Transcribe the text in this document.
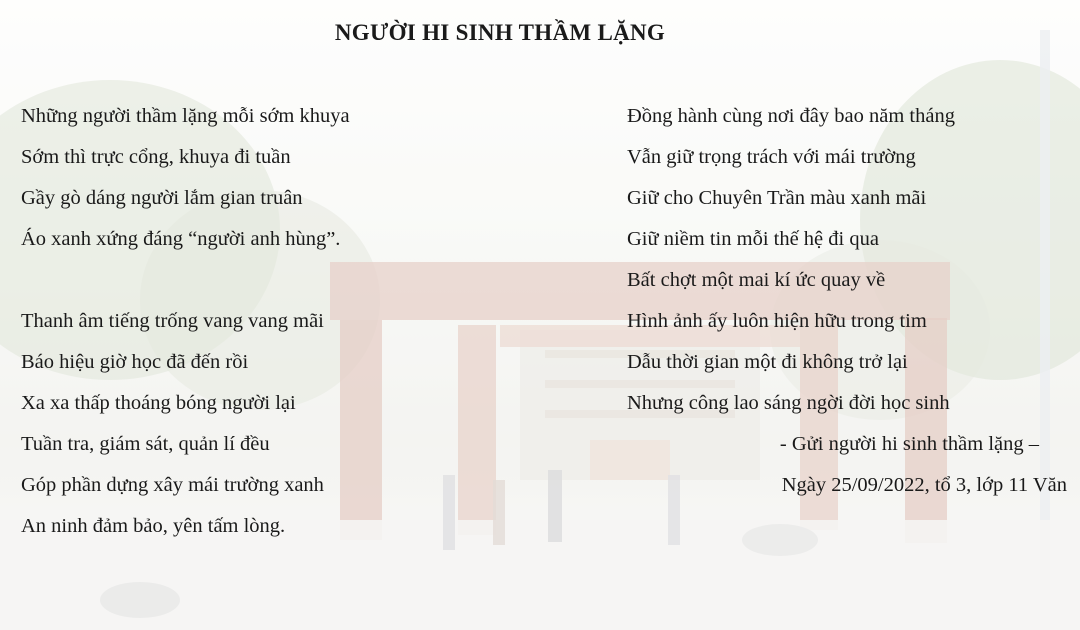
NGƯỜI HI SINH THẦM LẶNG
Những người thầm lặng mỗi sớm khuya
Sớm thì trực cổng, khuya đi tuần
Gầy gò dáng người lắm gian truân
Áo xanh xứng đáng “người anh hùng”.
Thanh âm tiếng trống vang vang mãi
Báo hiệu giờ học đã đến rồi
Xa xa thấp thoáng bóng người lại
Tuần tra, giám sát, quản lí đều
Góp phần dựng xây mái trường xanh
An ninh đảm bảo, yên tấm lòng.
Đồng hành cùng nơi đây bao năm tháng
Vẫn giữ trọng trách với mái trường
Giữ cho Chuyên Trần màu xanh mãi
Giữ niềm tin mỗi thế hệ đi qua
Bất chợt một mai kí ức quay về
Hình ảnh ấy luôn hiện hữu trong tim
Dẫu thời gian một đi không trở lại
Nhưng công lao sáng ngời đời học sinh
- Gửi người hi sinh thầm lặng –
Ngày 25/09/2022, tổ 3, lớp 11 Văn
